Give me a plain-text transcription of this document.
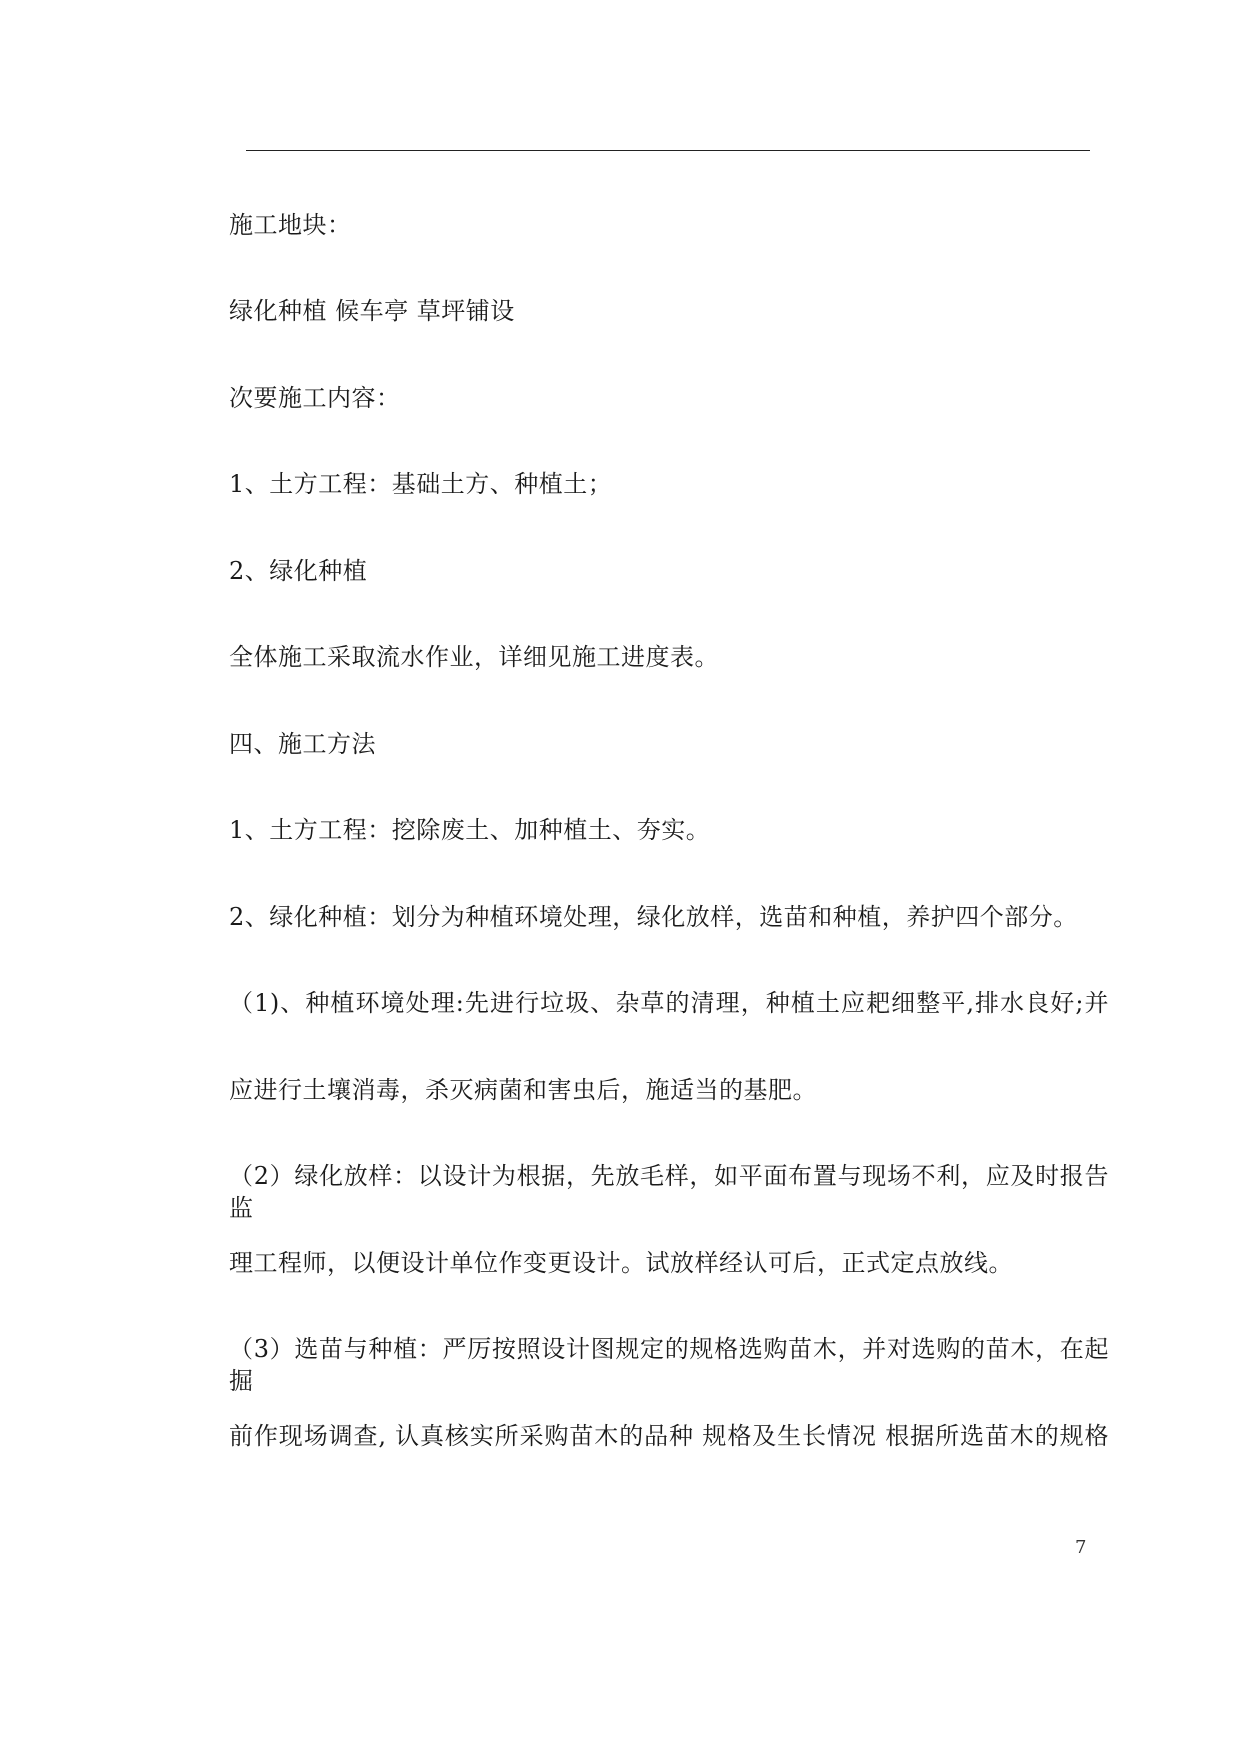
施工地块：
绿化种植 候车亭 草坪铺设
次要施工内容：
1、土方工程：基础土方、种植土；
2、绿化种植
全体施工采取流水作业，详细见施工进度表。
四、施工方法
1、土方工程：挖除废土、加种植土、夯实。
2、绿化种植：划分为种植环境处理，绿化放样，选苗和种植，养护四个部分。
（1)、种植环境处理:先进行垃圾、杂草的清理，种植土应耙细整平,排水良好;并
应进行土壤消毒，杀灭病菌和害虫后，施适当的基肥。
（2）绿化放样：以设计为根据，先放毛样，如平面布置与现场不利，应及时报告监
理工程师，以便设计单位作变更设计。试放样经认可后，正式定点放线。
（3）选苗与种植：严厉按照设计图规定的规格选购苗木，并对选购的苗木，在起掘
前作现场调查, 认真核实所采购苗木的品种 规格及生长情况 根据所选苗木的规格
7
